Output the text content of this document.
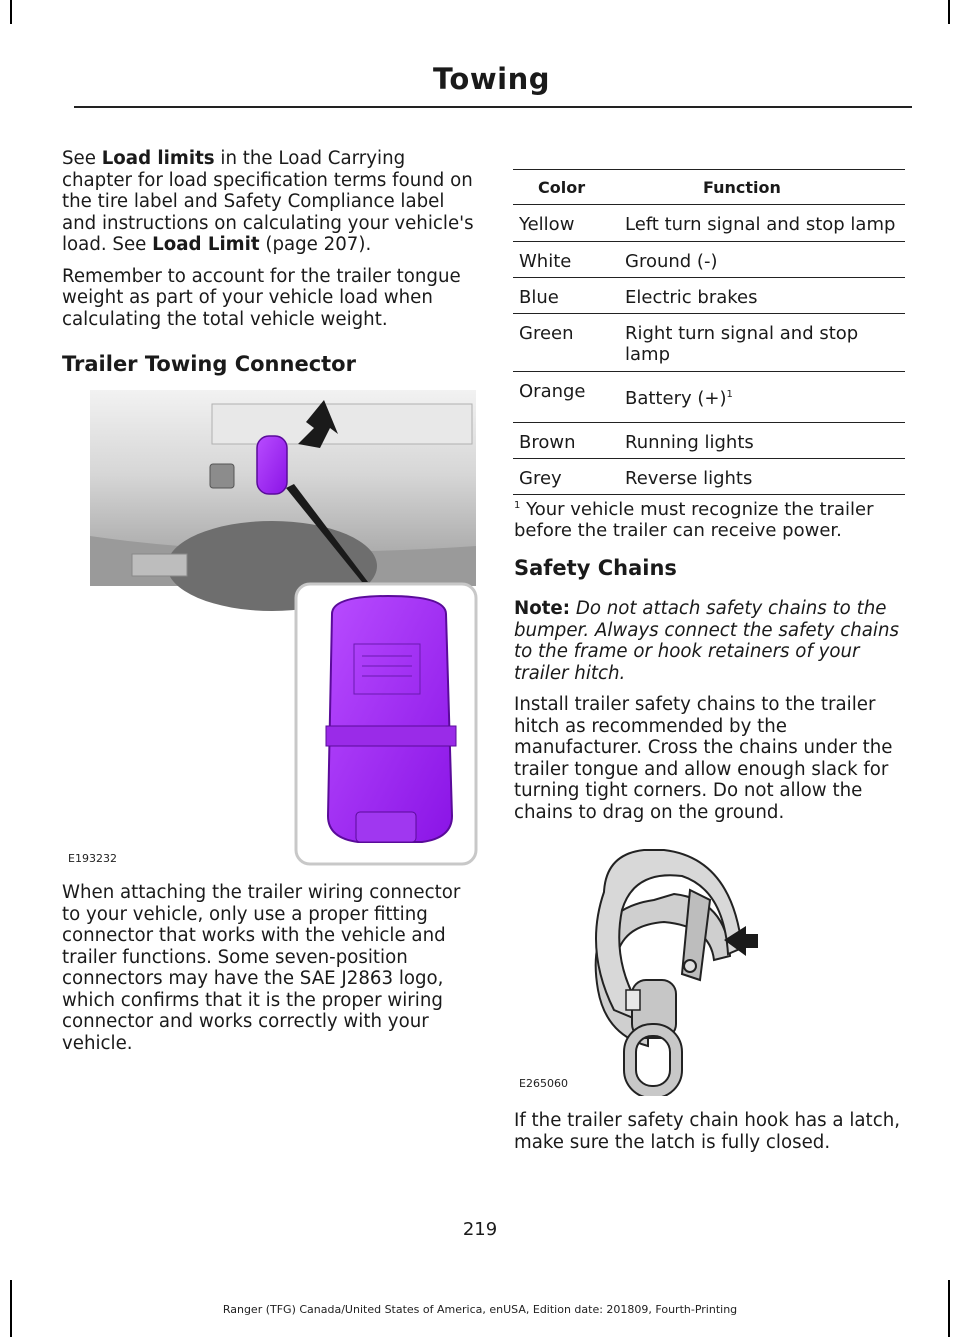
Towing

See Load limits in the Load Carrying chapter for load specification terms found on the tire label and Safety Compliance label and instructions on calculating your vehicle's load. See Load Limit (page 207).

Remember to account for the trailer tongue weight as part of your vehicle load when calculating the total vehicle weight.

Trailer Towing Connector
E193232

When attaching the trailer wiring connector to your vehicle, only use a proper fitting connector that works with the vehicle and trailer functions. Some seven-position connectors may have the SAE J2863 logo, which confirms that it is the proper wiring connector and works correctly with your vehicle.

Color	Function
Yellow	Left turn signal and stop lamp
White	Ground (-)
Blue	Electric brakes
Green	Right turn signal and stop lamp
Orange	Battery $(+)^1$
Brown	Running lights
Grey	Reverse lights
$^1$ Your vehicle must recognize the trailer before the trailer can receive power.
Safety Chains

Note: Do not attach safety chains to the bumper. Always connect the safety chains to the frame or hook retainers of your trailer hitch.

Install trailer safety chains to the trailer hitch as recommended by the manufacturer. Cross the chains under the trailer tongue and allow enough slack for turning tight corners. Do not allow the chains to drag on the ground.

E265060

If the trailer safety chain hook has a latch, make sure the latch is fully closed.

219
Ranger (TFG) Canada/United States of America, enUSA, Edition date: 201809, Fourth-Printing
